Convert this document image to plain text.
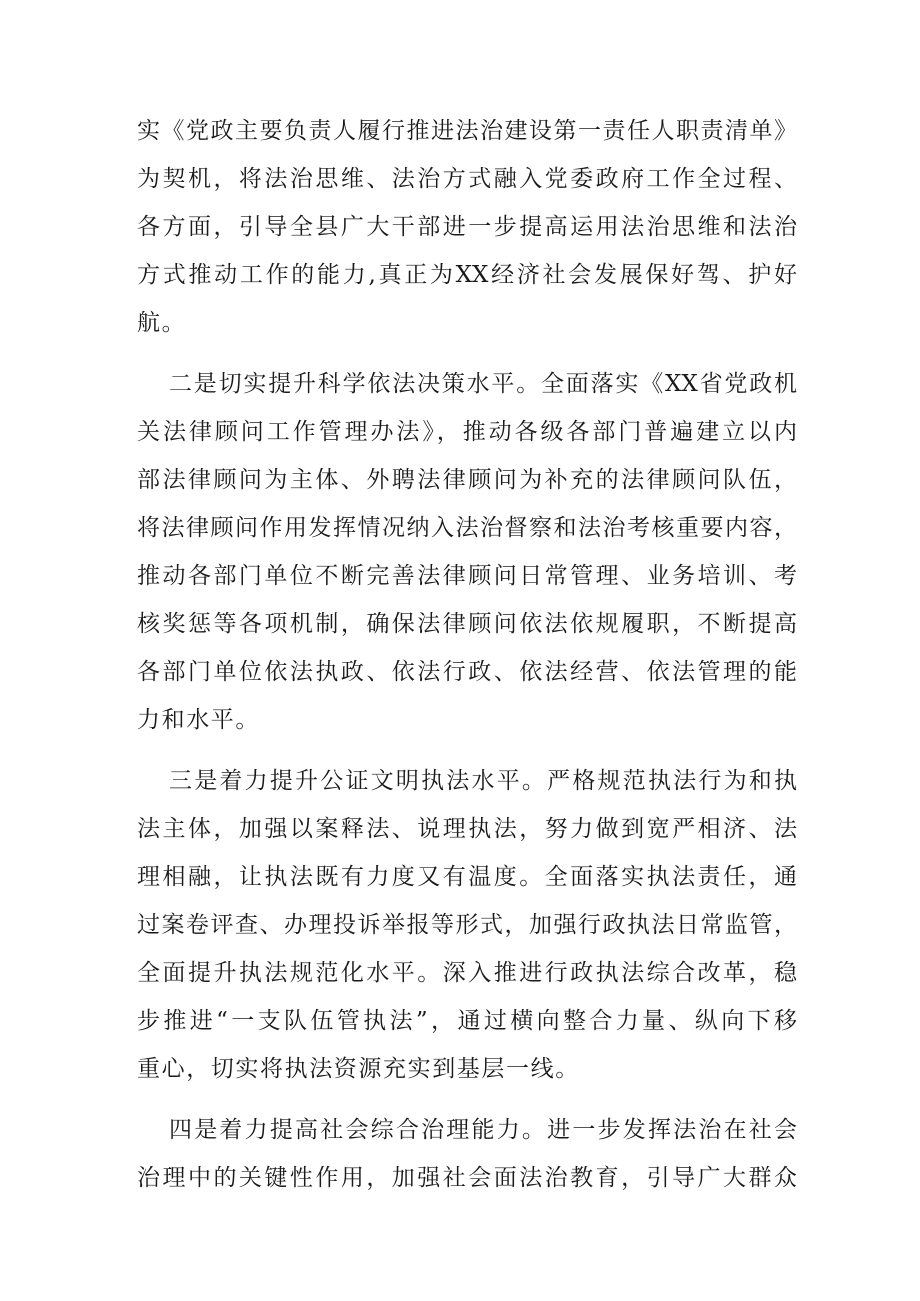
实《党政主要负责人履行推进法治建设第一责任人职责清单》
为契机，将法治思维、法治方式融入党委政府工作全过程、
各方面，引导全县广大干部进一步提高运用法治思维和法治
方式推动工作的能力,真正为XX经济社会发展保好驾、护好
航。
二是切实提升科学依法决策水平。全面落实《XX省党政机
关法律顾问工作管理办法》，推动各级各部门普遍建立以内
部法律顾问为主体、外聘法律顾问为补充的法律顾问队伍，
将法律顾问作用发挥情况纳入法治督察和法治考核重要内容，
推动各部门单位不断完善法律顾问日常管理、业务培训、考
核奖惩等各项机制，确保法律顾问依法依规履职，不断提高
各部门单位依法执政、依法行政、依法经营、依法管理的能
力和水平。
三是着力提升公证文明执法水平。严格规范执法行为和执
法主体，加强以案释法、说理执法，努力做到宽严相济、法
理相融，让执法既有力度又有温度。全面落实执法责任，通
过案卷评查、办理投诉举报等形式，加强行政执法日常监管，
全面提升执法规范化水平。深入推进行政执法综合改革，稳
步推进“一支队伍管执法”，通过横向整合力量、纵向下移
重心，切实将执法资源充实到基层一线。
四是着力提高社会综合治理能力。进一步发挥法治在社会
治理中的关键性作用，加强社会面法治教育，引导广大群众
